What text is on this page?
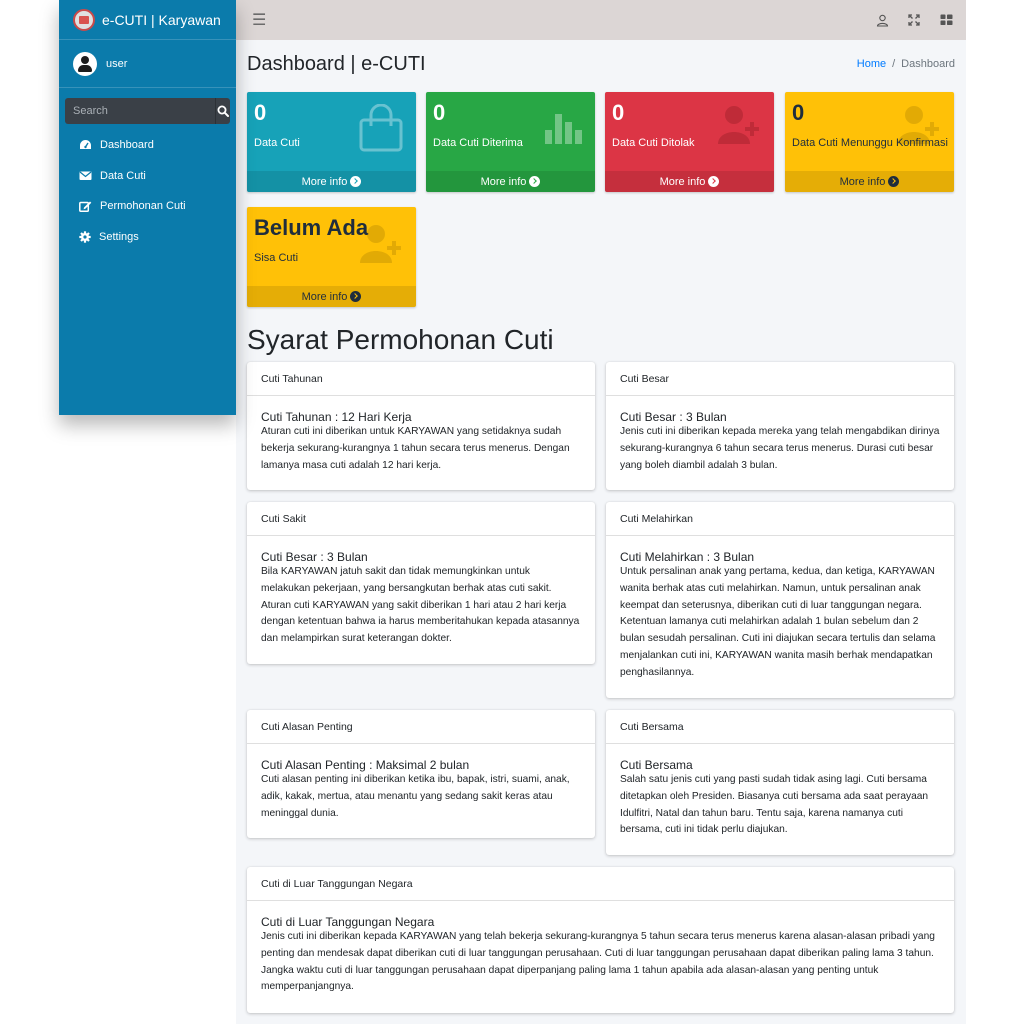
e-CUTI | Karyawan
user
Search
Dashboard
Data Cuti
Permohonan Cuti
Settings
☰
Dashboard | e-CUTI	Home / Dashboard
0
Data Cuti
More info
0
Data Cuti Diterima
More info
0
Data Cuti Ditolak
More info
0
Data Cuti Menunggu Konfirmasi
More info
Belum Ada
Sisa Cuti
More info
Syarat Permohonan Cuti
Cuti Tahunan
Cuti Tahunan : 12 Hari Kerja
Aturan cuti ini diberikan untuk KARYAWAN yang setidaknya sudah bekerja sekurang-kurangnya 1 tahun secara terus menerus. Dengan lamanya masa cuti adalah 12 hari kerja.
Cuti Besar
Cuti Besar : 3 Bulan
Jenis cuti ini diberikan kepada mereka yang telah mengabdikan dirinya sekurang-kurangnya 6 tahun secara terus menerus. Durasi cuti besar yang boleh diambil adalah 3 bulan.
Cuti Sakit
Cuti Besar : 3 Bulan
Bila KARYAWAN jatuh sakit dan tidak memungkinkan untuk melakukan pekerjaan, yang bersangkutan berhak atas cuti sakit. Aturan cuti KARYAWAN yang sakit diberikan 1 hari atau 2 hari kerja dengan ketentuan bahwa ia harus memberitahukan kepada atasannya dan melampirkan surat keterangan dokter.
Cuti Melahirkan
Cuti Melahirkan : 3 Bulan
Untuk persalinan anak yang pertama, kedua, dan ketiga, KARYAWAN wanita berhak atas cuti melahirkan. Namun, untuk persalinan anak keempat dan seterusnya, diberikan cuti di luar tanggungan negara. Ketentuan lamanya cuti melahirkan adalah 1 bulan sebelum dan 2 bulan sesudah persalinan. Cuti ini diajukan secara tertulis dan selama menjalankan cuti ini, KARYAWAN wanita masih berhak mendapatkan penghasilannya.
Cuti Alasan Penting
Cuti Alasan Penting : Maksimal 2 bulan
Cuti alasan penting ini diberikan ketika ibu, bapak, istri, suami, anak, adik, kakak, mertua, atau menantu yang sedang sakit keras atau meninggal dunia.
Cuti Bersama
Cuti Bersama
Salah satu jenis cuti yang pasti sudah tidak asing lagi. Cuti bersama ditetapkan oleh Presiden. Biasanya cuti bersama ada saat perayaan Idulfitri, Natal dan tahun baru. Tentu saja, karena namanya cuti bersama, cuti ini tidak perlu diajukan.
Cuti di Luar Tanggungan Negara
Cuti di Luar Tanggungan Negara
Jenis cuti ini diberikan kepada KARYAWAN yang telah bekerja sekurang-kurangnya 5 tahun secara terus menerus karena alasan-alasan pribadi yang penting dan mendesak dapat diberikan cuti di luar tanggungan perusahaan. Cuti di luar tanggungan perusahaan dapat diberikan paling lama 3 tahun. Jangka waktu cuti di luar tanggungan perusahaan dapat diperpanjang paling lama 1 tahun apabila ada alasan-alasan yang penting untuk memperpanjangnya.
